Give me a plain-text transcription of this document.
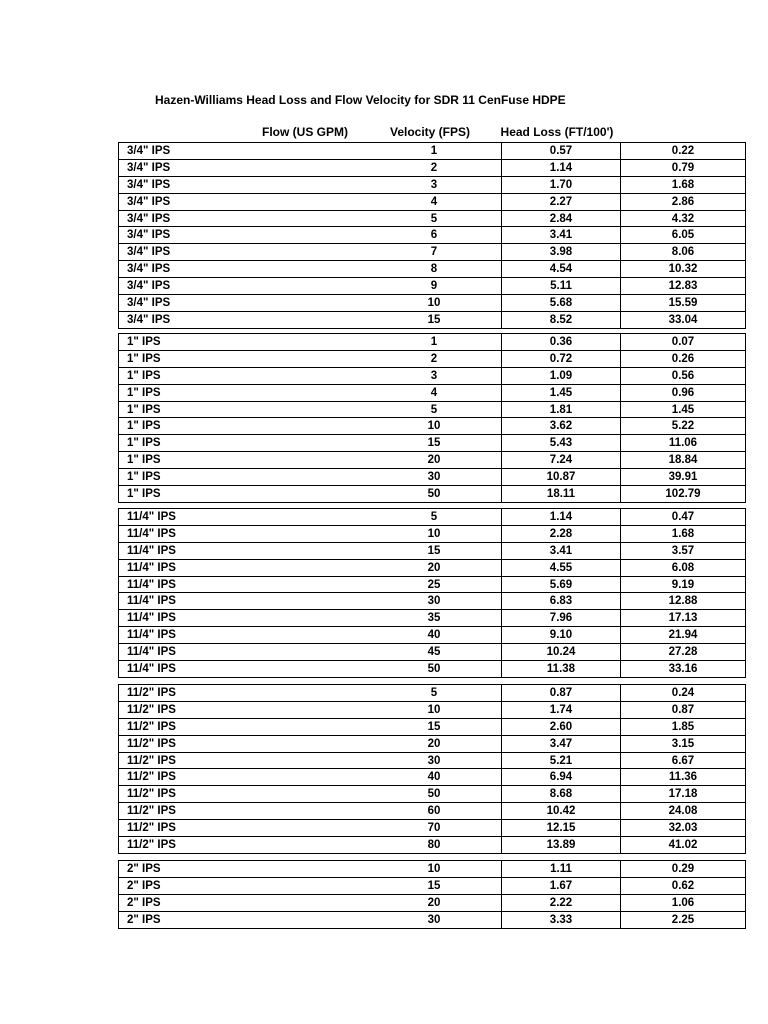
Hazen-Williams Head Loss and Flow Velocity for SDR 11 CenFuse HDPE
Flow (US GPM)	Velocity (FPS)	Head Loss (FT/100')
3/4" IPS	1	0.57	0.22
3/4" IPS	2	1.14	0.79
3/4" IPS	3	1.70	1.68
3/4" IPS	4	2.27	2.86
3/4" IPS	5	2.84	4.32
3/4" IPS	6	3.41	6.05
3/4" IPS	7	3.98	8.06
3/4" IPS	8	4.54	10.32
3/4" IPS	9	5.11	12.83
3/4" IPS	10	5.68	15.59
3/4" IPS	15	8.52	33.04
1" IPS	1	0.36	0.07
1" IPS	2	0.72	0.26
1" IPS	3	1.09	0.56
1" IPS	4	1.45	0.96
1" IPS	5	1.81	1.45
1" IPS	10	3.62	5.22
1" IPS	15	5.43	11.06
1" IPS	20	7.24	18.84
1" IPS	30	10.87	39.91
1" IPS	50	18.11	102.79
11/4" IPS	5	1.14	0.47
11/4" IPS	10	2.28	1.68
11/4" IPS	15	3.41	3.57
11/4" IPS	20	4.55	6.08
11/4" IPS	25	5.69	9.19
11/4" IPS	30	6.83	12.88
11/4" IPS	35	7.96	17.13
11/4" IPS	40	9.10	21.94
11/4" IPS	45	10.24	27.28
11/4" IPS	50	11.38	33.16
11/2" IPS	5	0.87	0.24
11/2" IPS	10	1.74	0.87
11/2" IPS	15	2.60	1.85
11/2" IPS	20	3.47	3.15
11/2" IPS	30	5.21	6.67
11/2" IPS	40	6.94	11.36
11/2" IPS	50	8.68	17.18
11/2" IPS	60	10.42	24.08
11/2" IPS	70	12.15	32.03
11/2" IPS	80	13.89	41.02
2" IPS	10	1.11	0.29
2" IPS	15	1.67	0.62
2" IPS	20	2.22	1.06
2" IPS	30	3.33	2.25
